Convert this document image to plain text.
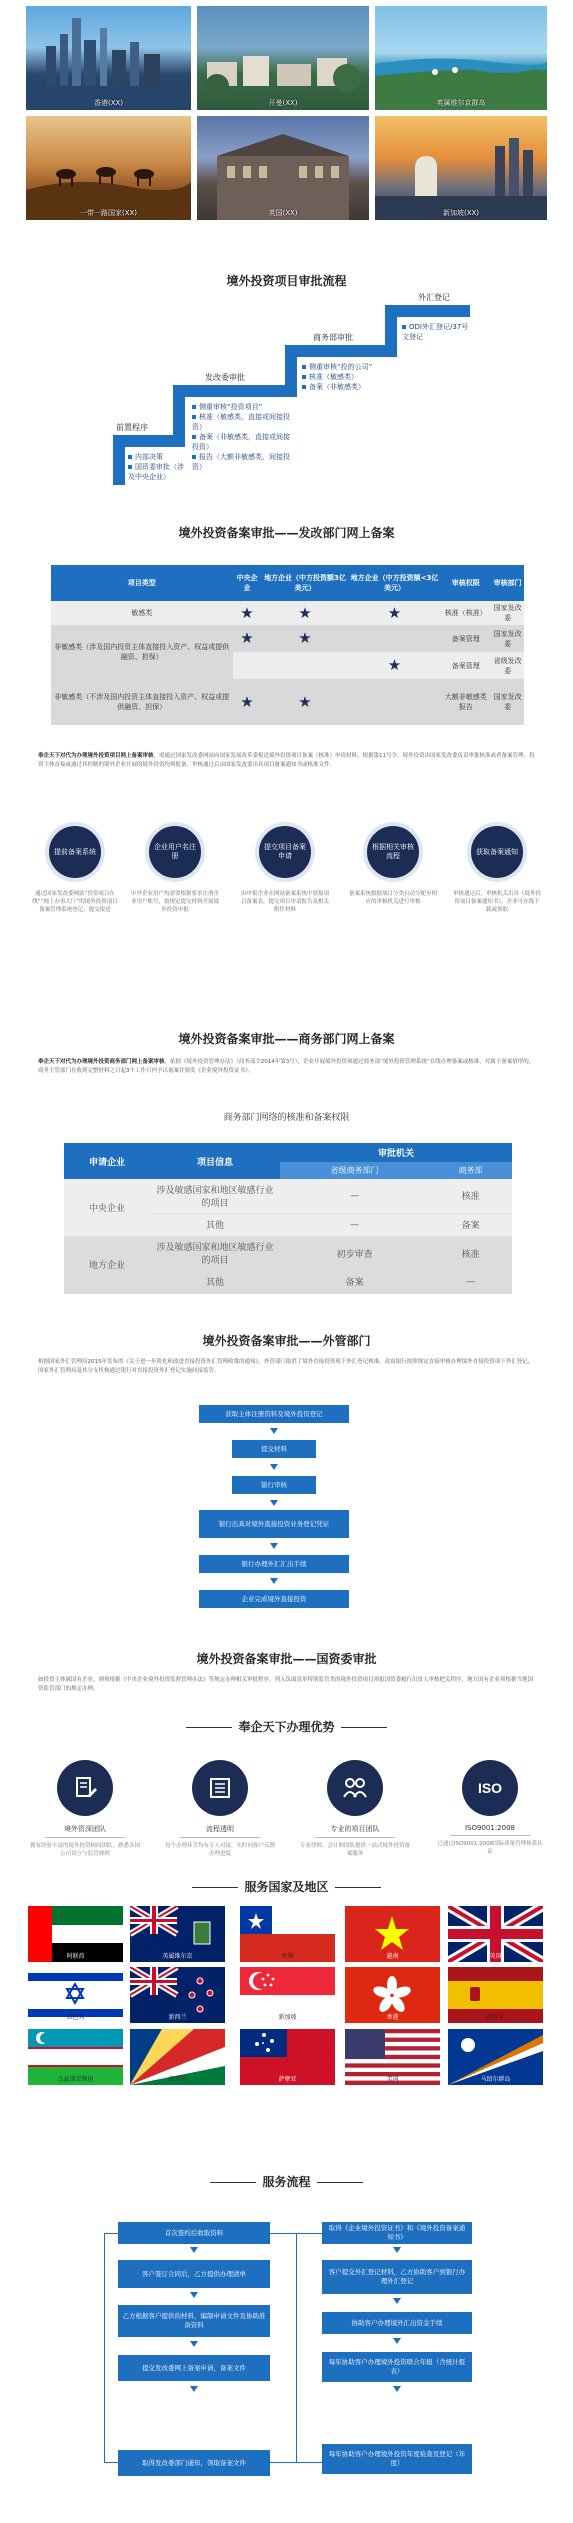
香港(XX)	开曼(XX)	英属维尔京群岛
一带一路国家(XX)	英国(XX)	新加坡(XX)
境外投资项目审批流程
前置程序
内部决策
国资委审批（涉及中央企业）
发改委审批
侧重审核“投资项目”
核准（敏感类，直接或间接投资）
备案（非敏感类，直接或间接投资）
报告（大额非敏感类，间接投资）
商务部审批
侧重审核“投的公司”
核准（敏感类）
备案（非敏感类）
外汇登记
ODI外汇登记/37号文登记
境外投资备案审批——发改部门网上备案
项目类型	中央企业	地方企业（中方投资额3亿美元）	地方企业（中方投资额<3亿美元）	审核权限	审核部门
敏感类	★	★	★	核准（核准）	国家发改委
非敏感类（涉及国内投资主体直接投入资产、权益或提供融资、担保）	★	★		备案管理	国家发改委
			★	备案管理	省级发改委
非敏感类（不涉及国内投资主体直接投入资产、权益或提供融资、担保）	★	★		大额非敏感类报告	国家发改委
奉企天下对代为办理境外投资项目网上备案审核，需通过国家发改委网站向国家发展改革委报送境外投资项目备案（核准）申请材料。根据第11号令，境外投资由国家发改委负责审批核准或者备案管理，投资主体直接或通过其控制的境外企业开展的境外投资均须报备。审核通过后由国家发改委出具项目备案通知书或核准文件。
提前备案系统
通过国家发改委网站“投资项目在线”“网上办事大厅”的境外投资项目备案管理系统登记、提交报送
企业用户名注册
中外企业用户均需要根据要求注册企业用户账号，按规定提交材料开展境外投资申报
提交项目备案申请
由申报企业在网站备案系统中填报项目备案表，提交项目申请报告及相关附件材料
根据相关审核流程
备案系统根据项目分类自动分配至相应的审核机关进行审核
获取备案通知
审核通过后，审核机关出具《境外投资项目备案通知书》，企业可在线下载或领取
境外投资备案审批——商务部门网上备案
奉企天下对代为办理境外投资商务部门网上备案审核，依据《境外投资管理办法》（商务部令2014年第3号），企业开展境外投资须通过商务部“境外投资管理系统”在线办理备案或核准，对属于备案情形的，商务主管部门在收到完整材料之日起3个工作日内予以备案并颁发《企业境外投资证书》。
商务部门网络的核准和备案权限
申请企业	项目信息	审批机关	
		省级商务部门	商务部
中央企业	涉及敏感国家和地区敏感行业的项目	—	核准
	其他	—	备案
地方企业	涉及敏感国家和地区敏感行业的项目	初步审查	核准
	其他	备案	—
境外投资备案审批——外管部门
根据国家外汇管理局2015年发布的《关于进一步简化和改进直接投资外汇管理政策的通知》，外管部门取消了境外直接投资项下外汇登记核准，改由银行按照规定直接审核办理境外直接投资项下外汇登记，国家外汇管理局及其分支机构通过银行对直接投资外汇登记实施间接监管。
获取主体注册资料及境外投资登记
提交材料
银行审核
银行出具对境外直接投资业务登记凭证
银行办理外汇汇出手续
企业完成境外直接投资
境外投资备案审批——国资委审批
如投资主体属国有企业，则须根据《中央企业境外投资监督管理办法》等规定办理相关审批程序，列入负面清单特别监管类的境外投资项目须报国资委履行出资人审核把关程序，地方国有企业须根据当地国资监管部门的规定办理。
奉企天下办理优势
境外资深团队
拥有经验丰富的境外投资顾问团队，熟悉各国公司设立与监管规则
流程透明
每个办理环节均有专人对接，实时向客户反馈办理进度
专业的项目团队
专业律师、会计师团队提供一站式境外投资备案服务
ISO
ISO9001:2008
已通过ISO9001:2008国际质量管理体系认证
服务国家及地区
阿联酋	英属维尔京	智利	越南	英国
以色列	新西兰	新加坡	香港	西班牙
乌兹别克斯坦	塞舌尔	萨摩亚	美国	马绍尔群岛
服务流程
首次签约后收取资料
客户签订合同后，乙方提供办理清单
乙方根据客户提供的材料，编制申请文件及协助准备资料
提交发改委网上备案申请，备案文件
取得发改委部门通知，领取备案文件
取得《企业境外投资证书》和《境外投资备案通知书》
客户提交外汇登记材料，乙方协助客户到银行办理外汇登记
协助客户办理境外汇出资金手续
每年协助客户办理境外投资联合年报（含统计报表）
每年协助客户办理境外投资年度检查及登记（年度）
